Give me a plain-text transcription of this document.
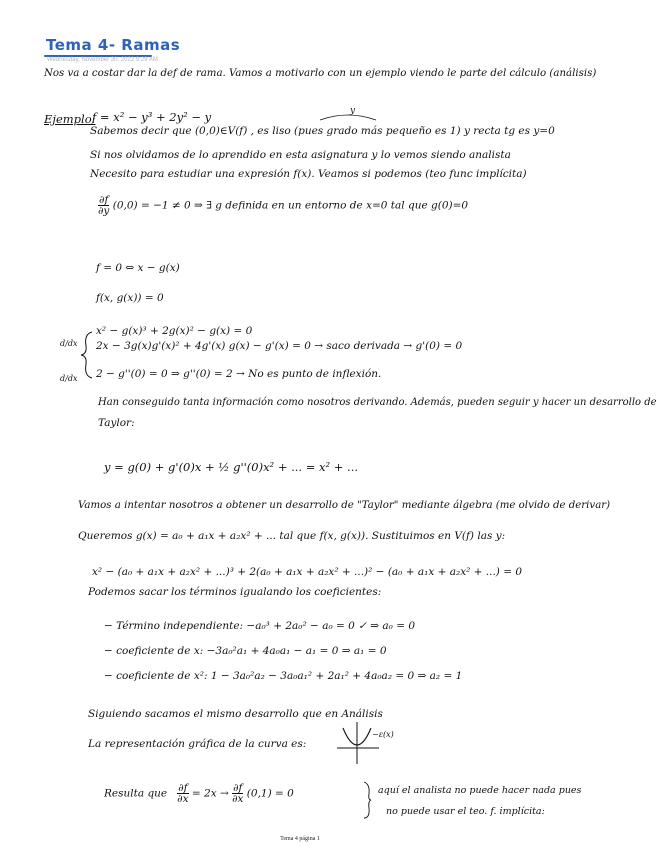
Tema 4- Ramas
Wednesday, November 30, 2022 9:29 AM
Nos va a costar dar la def de rama. Vamos a motivarlo con un ejemplo viendo le parte del cálculo (análisis)
Ejemplo:
f = x² − y³ + 2y² − y	y
Sabemos decir que (0,0)∈V(f) , es liso (pues grado más pequeño es 1) y recta tg es y=0
Si nos olvidamos de lo aprendido en esta asignatura y lo vemos siendo analista
Necesito para estudiar una expresión f(x). Veamos si podemos (teo func implícita)
$\frac{\partial f}{\partial y} (0,0) = -1 \ne 0$ ⇒ ∃ g definida en un entorno de x=0 tal que g(0)=0
f = 0 ⇔ x − g(x)
f(x, g(x)) = 0
d/dx
x² − g(x)³ + 2g(x)² − g(x) = 0
2x − 3g(x)g'(x)² + 4g'(x) g(x) − g'(x) = 0 → saco derivada → g'(0) = 0
d/dx 2 − g''(0) = 0 ⇒ g''(0) = 2 → No es punto de inflexión.
Han conseguido tanta información como nosotros derivando. Además, pueden seguir y hacer un desarrollo de
Taylor:
y = g(0) + g'(0)x + ½ g''(0)x² + ... = x² + ...
Vamos a intentar nosotros a obtener un desarrollo de "Taylor" mediante álgebra (me olvido de derivar)
Queremos g(x) = a₀ + a₁x + a₂x² + ... tal que f(x, g(x)). Sustituimos en V(f) las y:
x² − (a₀ + a₁x + a₂x² + ...)³ + 2(a₀ + a₁x + a₂x² + ...)² − (a₀ + a₁x + a₂x² + ...) = 0
Podemos sacar los términos igualando los coeficientes:
− Término independiente: −a₀³ + 2a₀² − a₀ = 0 ✓ ⇒ a₀ = 0
− coeficiente de x: −3a₀²a₁ + 4a₀a₁ − a₁ = 0 ⇒ a₁ = 0
− coeficiente de x²: 1 − 3a₀²a₂ − 3a₀a₁² + 2a₁² + 4a₀a₂ = 0 ⇒ a₂ = 1
Siguiendo sacamos el mismo desarrollo que en Análisis
La representación gráfica de la curva es:
−ε(x)
Resulta que $\frac{\partial f}{\partial x} = 2x \to \frac{\partial f}{\partial x} (0,1) = 0$	aquí el analista no puede hacer nada pues
no puede usar el teo. f. implícita:
Tema 4 página 1
